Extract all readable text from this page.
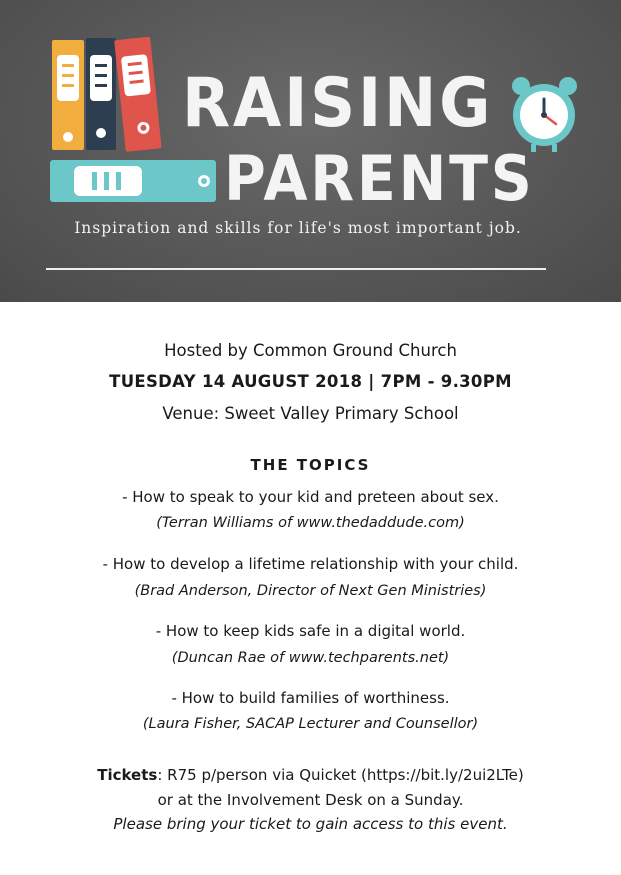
RAISING
PARENTS
Inspiration and skills for life's most important job.
Hosted by Common Ground Church
TUESDAY 14 AUGUST 2018 | 7PM - 9.30PM
Venue: Sweet Valley Primary School
THE TOPICS
- How to speak to your kid and preteen about sex.
(Terran Williams of www.thedaddude.com)
- How to develop a lifetime relationship with your child.
(Brad Anderson, Director of Next Gen Ministries)
- How to keep kids safe in a digital world.
(Duncan Rae of www.techparents.net)
- How to build families of worthiness.
(Laura Fisher, SACAP Lecturer and Counsellor)
Tickets: R75 p/person via Quicket (https://bit.ly/2ui2LTe)
or at the Involvement Desk on a Sunday.
Please bring your ticket to gain access to this event.
